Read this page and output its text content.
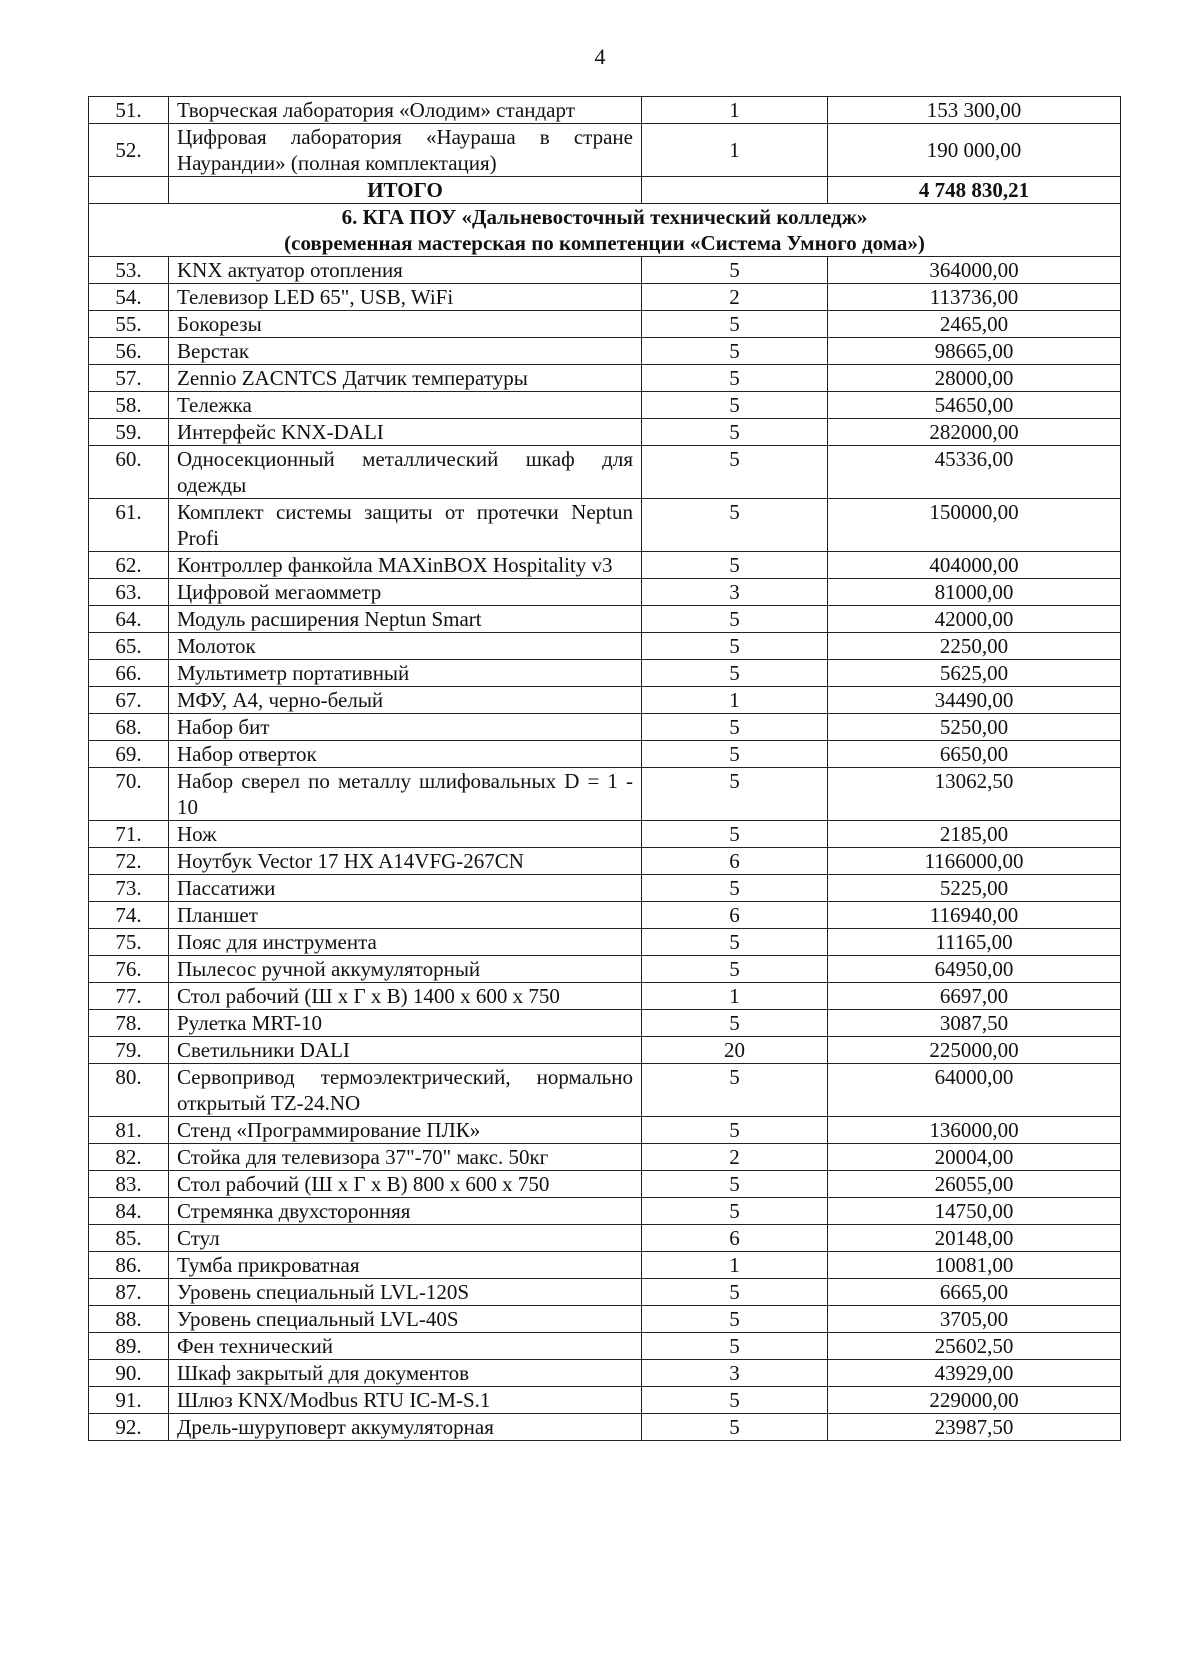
4
51.	Творческая лаборатория «Олодим» стандарт	1	153 300,00
52.	Цифровая лаборатория «Наураша в стране Наурандии» (полная комплектация)	1	190 000,00
	ИТОГО		4 748 830,21

6. КГА ПОУ «Дальневосточный технический колледж»
(современная мастерская по компетенции «Система Умного дома»)			

53.	KNX актуатор отопления	5	364000,00
54.	Телевизор LED 65", USB, WiFi	2	113736,00
55.	Бокорезы	5	2465,00
56.	Верстак	5	98665,00
57.	Zennio ZACNTCS Датчик температуры	5	28000,00
58.	Тележка	5	54650,00
59.	Интерфейс KNX-DALI	5	282000,00
60.	Односекционный металлический шкаф для одежды	5	45336,00
61.	Комплект системы защиты от протечки Neptun Profi	5	150000,00
62.	Контроллер фанкойла MAXinBOX Hospitality v3	5	404000,00
63.	Цифровой мегаомметр	3	81000,00
64.	Модуль расширения Neptun Smart	5	42000,00
65.	Молоток	5	2250,00
66.	Мультиметр портативный	5	5625,00
67.	МФУ, А4, черно-белый	1	34490,00
68.	Набор бит	5	5250,00
69.	Набор отверток	5	6650,00
70.	Набор сверел по металлу шлифовальных D = 1 - 10	5	13062,50
71.	Нож	5	2185,00
72.	Ноутбук Vector 17 HX A14VFG-267CN	6	1166000,00
73.	Пассатижи	5	5225,00
74.	Планшет	6	116940,00
75.	Пояс для инструмента	5	11165,00
76.	Пылесос ручной аккумуляторный	5	64950,00
77.	Стол рабочий (Ш х Г х В) 1400 х 600 х 750	1	6697,00
78.	Рулетка MRT-10	5	3087,50
79.	Светильники DALI	20	225000,00
80.	Сервопривод термоэлектрический, нормально открытый TZ-24.NO	5	64000,00
81.	Стенд «Программирование ПЛК»	5	136000,00
82.	Стойка для телевизора 37"-70" макс. 50кг	2	20004,00
83.	Стол рабочий (Ш х Г х В) 800 х 600 х 750	5	26055,00
84.	Стремянка двухсторонняя	5	14750,00
85.	Стул	6	20148,00
86.	Тумба прикроватная	1	10081,00
87.	Уровень специальный LVL-120S	5	6665,00
88.	Уровень специальный LVL-40S	5	3705,00
89.	Фен технический	5	25602,50
90.	Шкаф закрытый для документов	3	43929,00
91.	Шлюз KNX/Modbus RTU IC-M-S.1	5	229000,00
92.	Дрель-шуруповерт аккумуляторная	5	23987,50
